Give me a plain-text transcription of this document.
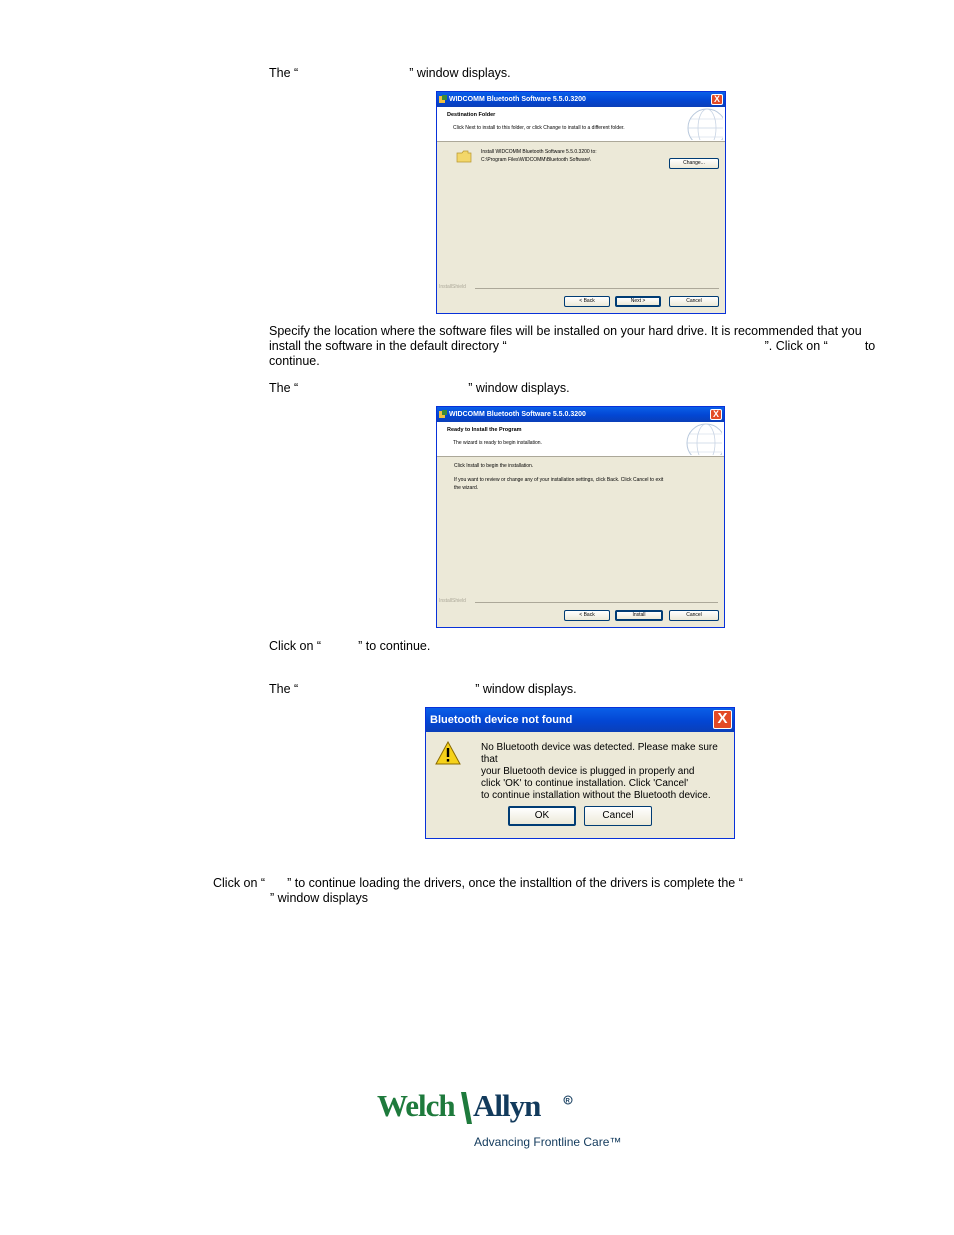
The “	” window displays.
WIDCOMM Bluetooth Software 5.5.0.3200	X
Destination Folder
Click Next to install to this folder, or click Change to install to a different folder.
Install WIDCOMM Bluetooth Software 5.5.0.3200 to:
C:\Program Files\WIDCOMM\Bluetooth Software\	Change...
InstallShield
< Back	Next >	Cancel
Specify the location where the software files will be installed on your hard drive. It is recommended that you
install the software in the default directory “	”. Click on “	to
continue.
The “	” window displays.
WIDCOMM Bluetooth Software 5.5.0.3200	X
Ready to Install the Program
The wizard is ready to begin installation.
Click Install to begin the installation.
If you want to review or change any of your installation settings, click Back. Click Cancel to exit
the wizard.
InstallShield
< Back	Install	Cancel
Click on “	” to continue.
The “	” window displays.
Bluetooth device not found	X
No Bluetooth device was detected. Please make sure that
your Bluetooth device is plugged in properly and
click 'OK' to continue installation. Click 'Cancel'
to continue installation without the Bluetooth device.
OK	Cancel
Click on “ ” to continue loading the drivers, once the installtion of the drivers is complete the “
” window displays
Welch Allyn	R
Advancing Frontline Care™
